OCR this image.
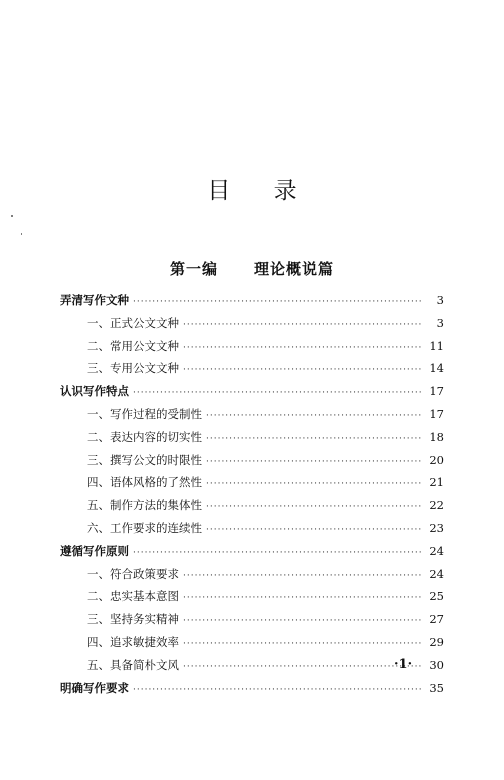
目 录
第一编 理论概说篇
弄清写作文种 ·····	3
一、正式公文文种 ·····	3
二、常用公文文种 ·····	11
三、专用公文文种 ·····	14
认识写作特点 ·····	17
一、写作过程的受制性 ·····	17
二、表达内容的切实性 ·····	18
三、撰写公文的时限性 ·····	20
四、语体风格的了然性 ·····	21
五、制作方法的集体性 ·····	22
六、工作要求的连续性 ·····	23
遵循写作原则 ·····	24
一、符合政策要求 ·····	24
二、忠实基本意图 ·····	25
三、坚持务实精神 ·····	27
四、追求敏捷效率 ·····	29
五、具备简朴文风 ·····	30
明确写作要求 ·····	35
·1·
